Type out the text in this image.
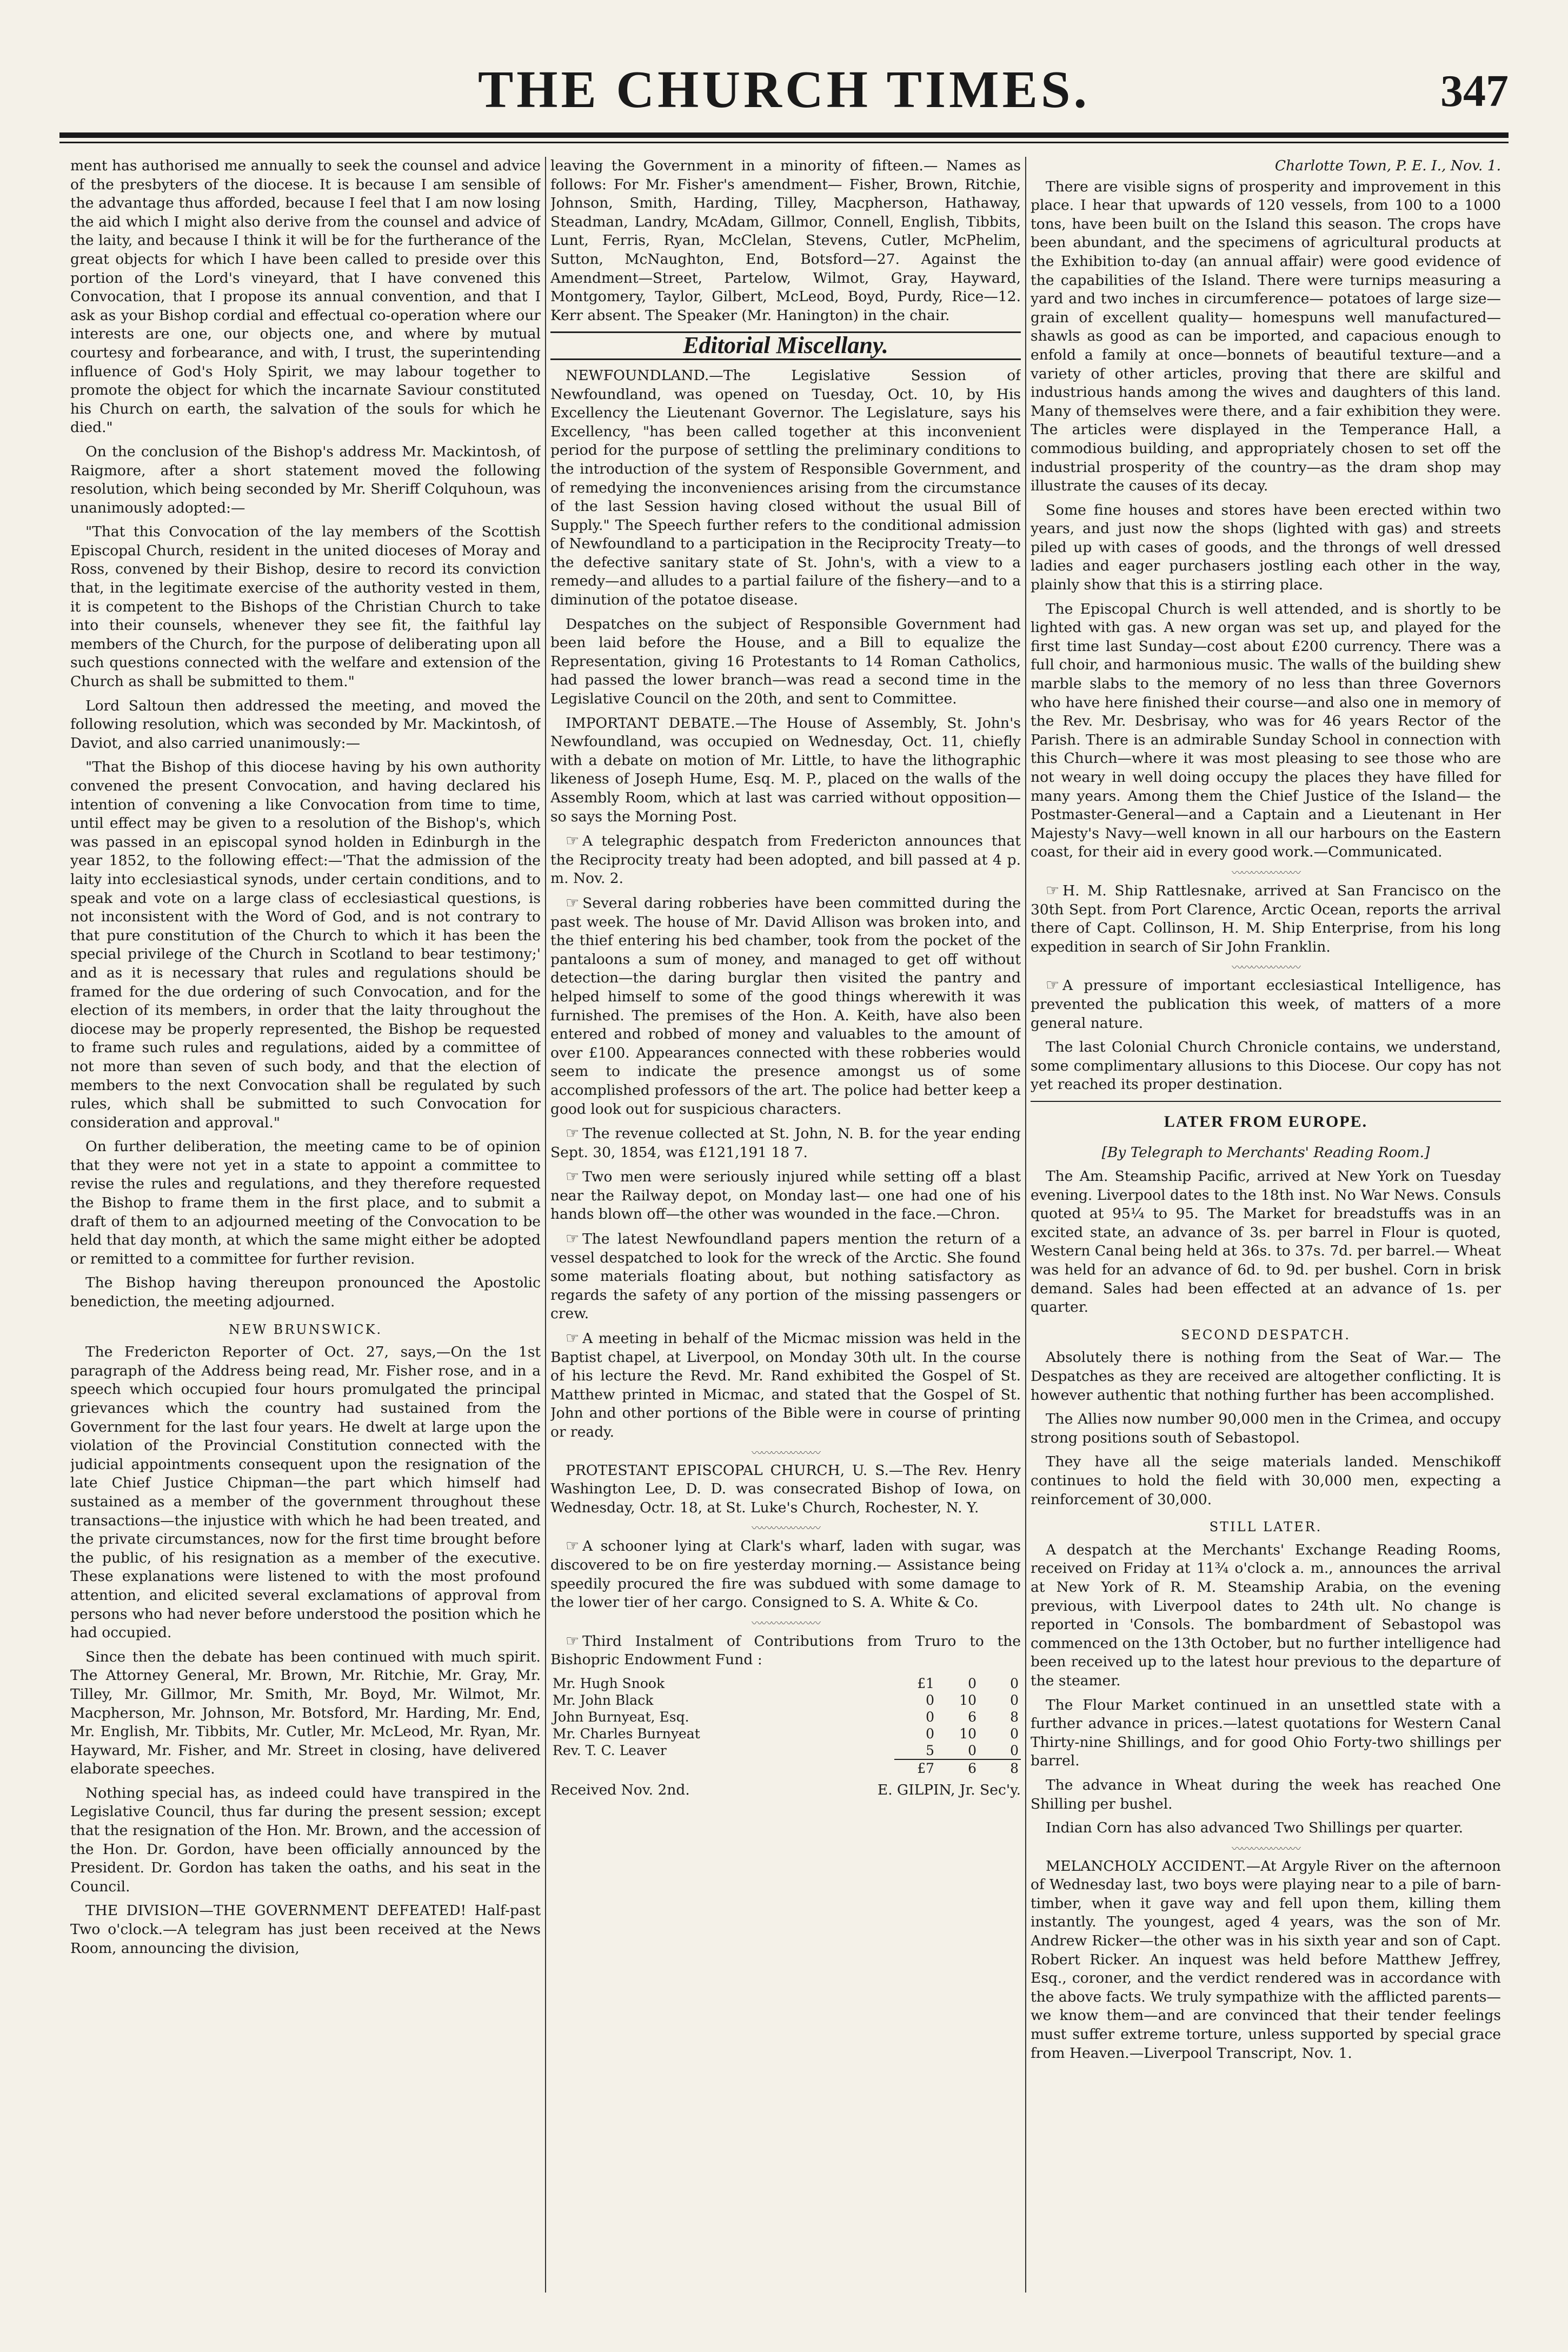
THE CHURCH TIMES.	347

ment has authorised me annually to seek the counsel and advice of the presbyters of the diocese. It is because I am sensible of the advantage thus afforded, because I feel that I am now losing the aid which I might also derive from the counsel and advice of the laity, and because I think it will be for the furtherance of the great objects for which I have been called to preside over this portion of the Lord's vineyard, that I have convened this Convocation, that I propose its annual convention, and that I ask as your Bishop cordial and effectual co-operation where our interests are one, our objects one, and where by mutual courtesy and forbearance, and with, I trust, the superintending influence of God's Holy Spirit, we may labour together to promote the object for which the incarnate Saviour constituted his Church on earth, the salvation of the souls for which he died."

On the conclusion of the Bishop's address Mr. Mackintosh, of Raigmore, after a short statement moved the following resolution, which being seconded by Mr. Sheriff Colquhoun, was unanimously adopted:—

"That this Convocation of the lay members of the Scottish Episcopal Church, resident in the united dioceses of Moray and Ross, convened by their Bishop, desire to record its conviction that, in the legitimate exercise of the authority vested in them, it is competent to the Bishops of the Christian Church to take into their counsels, whenever they see fit, the faithful lay members of the Church, for the purpose of deliberating upon all such questions connected with the welfare and extension of the Church as shall be submitted to them."

Lord Saltoun then addressed the meeting, and moved the following resolution, which was seconded by Mr. Mackintosh, of Daviot, and also carried unanimously:—

"That the Bishop of this diocese having by his own authority convened the present Convocation, and having declared his intention of convening a like Convocation from time to time, until effect may be given to a resolution of the Bishop's, which was passed in an episcopal synod holden in Edinburgh in the year 1852, to the following effect:—'That the admission of the laity into ecclesiastical synods, under certain conditions, and to speak and vote on a large class of ecclesiastical questions, is not inconsistent with the Word of God, and is not contrary to that pure constitution of the Church to which it has been the special privilege of the Church in Scotland to bear testimony;' and as it is necessary that rules and regulations should be framed for the due ordering of such Convocation, and for the election of its members, in order that the laity throughout the diocese may be properly represented, the Bishop be requested to frame such rules and regulations, aided by a committee of not more than seven of such body, and that the election of members to the next Convocation shall be regulated by such rules, which shall be submitted to such Convocation for consideration and approval."

On further deliberation, the meeting came to be of opinion that they were not yet in a state to appoint a committee to revise the rules and regulations, and they therefore requested the Bishop to frame them in the first place, and to submit a draft of them to an adjourned meeting of the Convocation to be held that day month, at which the same might either be adopted or remitted to a committee for further revision.

The Bishop having thereupon pronounced the Apostolic benediction, the meeting adjourned.

NEW BRUNSWICK.

The Fredericton Reporter of Oct. 27, says,—On the 1st paragraph of the Address being read, Mr. Fisher rose, and in a speech which occupied four hours promulgated the principal grievances which the country had sustained from the Government for the last four years. He dwelt at large upon the violation of the Provincial Constitution connected with the judicial appointments consequent upon the resignation of the late Chief Justice Chipman—the part which himself had sustained as a member of the government throughout these transactions—the injustice with which he had been treated, and the private circumstances, now for the first time brought before the public, of his resignation as a member of the executive. These explanations were listened to with the most profound attention, and elicited several exclamations of approval from persons who had never before understood the position which he had occupied.

Since then the debate has been continued with much spirit. The Attorney General, Mr. Brown, Mr. Ritchie, Mr. Gray, Mr. Tilley, Mr. Gillmor, Mr. Smith, Mr. Boyd, Mr. Wilmot, Mr. Macpherson, Mr. Johnson, Mr. Botsford, Mr. Harding, Mr. End, Mr. English, Mr. Tibbits, Mr. Cutler, Mr. McLeod, Mr. Ryan, Mr. Hayward, Mr. Fisher, and Mr. Street in closing, have delivered elaborate speeches.

Nothing special has, as indeed could have transpired in the Legislative Council, thus far during the present session; except that the resignation of the Hon. Mr. Brown, and the accession of the Hon. Dr. Gordon, have been officially announced by the President. Dr. Gordon has taken the oaths, and his seat in the Council.

THE DIVISION—THE GOVERNMENT DEFEATED! Half-past Two o'clock.—A telegram has just been received at the News Room, announcing the division,

leaving the Government in a minority of fifteen.— Names as follows: For Mr. Fisher's amendment— Fisher, Brown, Ritchie, Johnson, Smith, Harding, Tilley, Macpherson, Hathaway, Steadman, Landry, McAdam, Gillmor, Connell, English, Tibbits, Lunt, Ferris, Ryan, McClelan, Stevens, Cutler, McPhelim, Sutton, McNaughton, End, Botsford—27. Against the Amendment—Street, Partelow, Wilmot, Gray, Hayward, Montgomery, Taylor, Gilbert, McLeod, Boyd, Purdy, Rice—12. Kerr absent. The Speaker (Mr. Hanington) in the chair.

Editorial Miscellany.

NEWFOUNDLAND.—The Legislative Session of Newfoundland, was opened on Tuesday, Oct. 10, by His Excellency the Lieutenant Governor. The Legislature, says his Excellency, "has been called together at this inconvenient period for the purpose of settling the preliminary conditions to the introduction of the system of Responsible Government, and of remedying the inconveniences arising from the circumstance of the last Session having closed without the usual Bill of Supply." The Speech further refers to the conditional admission of Newfoundland to a participation in the Reciprocity Treaty—to the defective sanitary state of St. John's, with a view to a remedy—and alludes to a partial failure of the fishery—and to a diminution of the potatoe disease.

Despatches on the subject of Responsible Government had been laid before the House, and a Bill to equalize the Representation, giving 16 Protestants to 14 Roman Catholics, had passed the lower branch—was read a second time in the Legislative Council on the 20th, and sent to Committee.

IMPORTANT DEBATE.—The House of Assembly, St. John's Newfoundland, was occupied on Wednesday, Oct. 11, chiefly with a debate on motion of Mr. Little, to have the lithographic likeness of Joseph Hume, Esq. M. P., placed on the walls of the Assembly Room, which at last was carried without opposition—so says the Morning Post.

☞ A telegraphic despatch from Fredericton announces that the Reciprocity treaty had been adopted, and bill passed at 4 p. m. Nov. 2.

☞ Several daring robberies have been committed during the past week. The house of Mr. David Allison was broken into, and the thief entering his bed chamber, took from the pocket of the pantaloons a sum of money, and managed to get off without detection—the daring burglar then visited the pantry and helped himself to some of the good things wherewith it was furnished. The premises of the Hon. A. Keith, have also been entered and robbed of money and valuables to the amount of over £100. Appearances connected with these robberies would seem to indicate the presence amongst us of some accomplished professors of the art. The police had better keep a good look out for suspicious characters.

☞ The revenue collected at St. John, N. B. for the year ending Sept. 30, 1854, was £121,191 18 7.

☞ Two men were seriously injured while setting off a blast near the Railway depot, on Monday last— one had one of his hands blown off—the other was wounded in the face.—Chron.

☞ The latest Newfoundland papers mention the return of a vessel despatched to look for the wreck of the Arctic. She found some materials floating about, but nothing satisfactory as regards the safety of any portion of the missing passengers or crew.

☞ A meeting in behalf of the Micmac mission was held in the Baptist chapel, at Liverpool, on Monday 30th ult. In the course of his lecture the Revd. Mr. Rand exhibited the Gospel of St. Matthew printed in Micmac, and stated that the Gospel of St. John and other portions of the Bible were in course of printing or ready.

〰〰〰〰〰〰〰

PROTESTANT EPISCOPAL CHURCH, U. S.—The Rev. Henry Washington Lee, D. D. was consecrated Bishop of Iowa, on Wednesday, Octr. 18, at St. Luke's Church, Rochester, N. Y.

〰〰〰〰〰〰〰

☞ A schooner lying at Clark's wharf, laden with sugar, was discovered to be on fire yesterday morning.— Assistance being speedily procured the fire was subdued with some damage to the lower tier of her cargo. Consigned to S. A. White & Co.

〰〰〰〰〰〰〰

☞ Third Instalment of Contributions from Truro to the Bishopric Endowment Fund :

Mr. Hugh Snook	£1	0	0
Mr. John Black	0	10	0
John Burnyeat, Esq.	0	6	8
Mr. Charles Burnyeat	0	10	0
Rev. T. C. Leaver	5	0	0
	£7	6	8
Received Nov. 2nd.	E. GILPIN, Jr. Sec'y.

Charlotte Town, P. E. I., Nov. 1.

There are visible signs of prosperity and improvement in this place. I hear that upwards of 120 vessels, from 100 to a 1000 tons, have been built on the Island this season. The crops have been abundant, and the specimens of agricultural products at the Exhibition to-day (an annual affair) were good evidence of the capabilities of the Island. There were turnips measuring a yard and two inches in circumference— potatoes of large size—grain of excellent quality— homespuns well manufactured—shawls as good as can be imported, and capacious enough to enfold a family at once—bonnets of beautiful texture—and a variety of other articles, proving that there are skilful and industrious hands among the wives and daughters of this land. Many of themselves were there, and a fair exhibition they were. The articles were displayed in the Temperance Hall, a commodious building, and appropriately chosen to set off the industrial prosperity of the country—as the dram shop may illustrate the causes of its decay.

Some fine houses and stores have been erected within two years, and just now the shops (lighted with gas) and streets piled up with cases of goods, and the throngs of well dressed ladies and eager purchasers jostling each other in the way, plainly show that this is a stirring place.

The Episcopal Church is well attended, and is shortly to be lighted with gas. A new organ was set up, and played for the first time last Sunday—cost about £200 currency. There was a full choir, and harmonious music. The walls of the building shew marble slabs to the memory of no less than three Governors who have here finished their course—and also one in memory of the Rev. Mr. Desbrisay, who was for 46 years Rector of the Parish. There is an admirable Sunday School in connection with this Church—where it was most pleasing to see those who are not weary in well doing occupy the places they have filled for many years. Among them the Chief Justice of the Island— the Postmaster-General—and a Captain and a Lieutenant in Her Majesty's Navy—well known in all our harbours on the Eastern coast, for their aid in every good work.—Communicated.

〰〰〰〰〰〰〰

☞ H. M. Ship Rattlesnake, arrived at San Francisco on the 30th Sept. from Port Clarence, Arctic Ocean, reports the arrival there of Capt. Collinson, H. M. Ship Enterprise, from his long expedition in search of Sir John Franklin.

〰〰〰〰〰〰〰

☞ A pressure of important ecclesiastical Intelligence, has prevented the publication this week, of matters of a more general nature.

The last Colonial Church Chronicle contains, we understand, some complimentary allusions to this Diocese. Our copy has not yet reached its proper destination.

LATER FROM EUROPE.

[By Telegraph to Merchants' Reading Room.]

The Am. Steamship Pacific, arrived at New York on Tuesday evening. Liverpool dates to the 18th inst. No War News. Consuls quoted at 95¼ to 95. The Market for breadstuffs was in an excited state, an advance of 3s. per barrel in Flour is quoted, Western Canal being held at 36s. to 37s. 7d. per barrel.— Wheat was held for an advance of 6d. to 9d. per bushel. Corn in brisk demand. Sales had been effected at an advance of 1s. per quarter.

SECOND DESPATCH.

Absolutely there is nothing from the Seat of War.— The Despatches as they are received are altogether conflicting. It is however authentic that nothing further has been accomplished.

The Allies now number 90,000 men in the Crimea, and occupy strong positions south of Sebastopol.

They have all the seige materials landed. Menschikoff continues to hold the field with 30,000 men, expecting a reinforcement of 30,000.

STILL LATER.

A despatch at the Merchants' Exchange Reading Rooms, received on Friday at 11¾ o'clock a. m., announces the arrival at New York of R. M. Steamship Arabia, on the evening previous, with Liverpool dates to 24th ult. No change is reported in 'Consols. The bombardment of Sebastopol was commenced on the 13th October, but no further intelligence had been received up to the latest hour previous to the departure of the steamer.

The Flour Market continued in an unsettled state with a further advance in prices.—latest quotations for Western Canal Thirty-nine Shillings, and for good Ohio Forty-two shillings per barrel.

The advance in Wheat during the week has reached One Shilling per bushel.

Indian Corn has also advanced Two Shillings per quarter.

〰〰〰〰〰〰〰

MELANCHOLY ACCIDENT.—At Argyle River on the afternoon of Wednesday last, two boys were playing near to a pile of barn-timber, when it gave way and fell upon them, killing them instantly. The youngest, aged 4 years, was the son of Mr. Andrew Ricker—the other was in his sixth year and son of Capt. Robert Ricker. An inquest was held before Matthew Jeffrey, Esq., coroner, and the verdict rendered was in accordance with the above facts. We truly sympathize with the afflicted parents—we know them—and are convinced that their tender feelings must suffer extreme torture, unless supported by special grace from Heaven.—Liverpool Transcript, Nov. 1.
